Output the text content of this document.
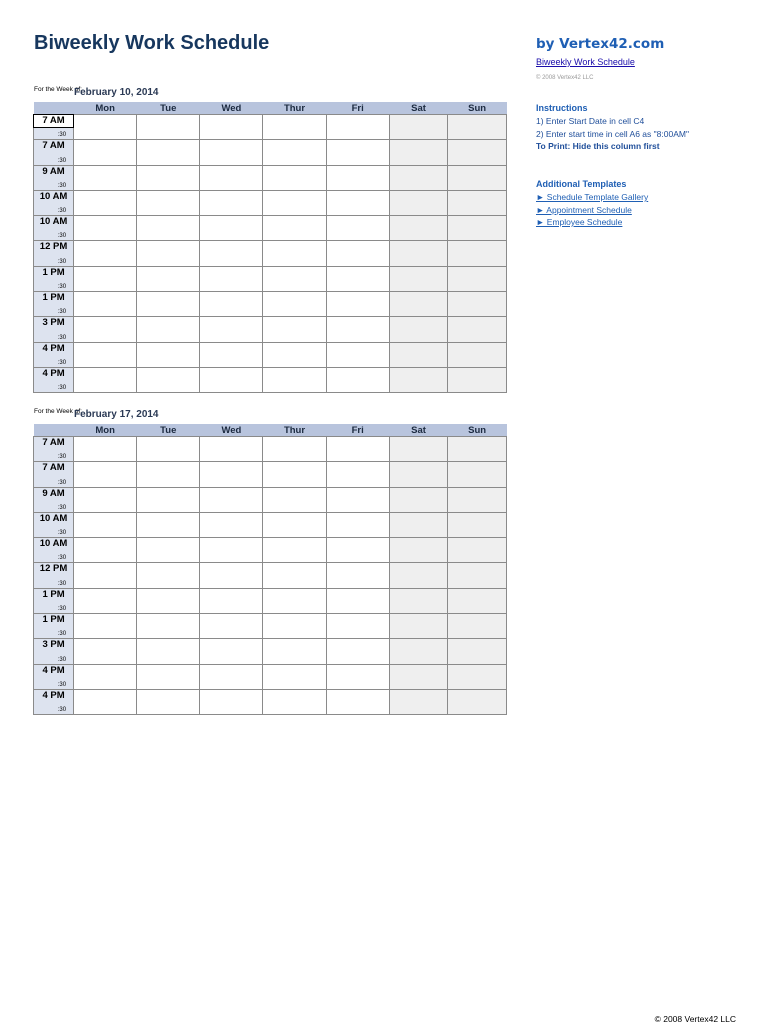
Biweekly Work Schedule	by Vertex42.com
Biweekly Work Schedule
© 2008 Vertex42 LLC
Instructions
1) Enter Start Date in cell C4
2) Enter start time in cell A6 as "8:00AM"
To Print: Hide this column first
Additional Templates
► Schedule Template Gallery
► Appointment Schedule
► Employee Schedule
For the Week of:
February 10, 2014
	Mon	Tue	Wed	Thur	Fri	Sat	Sun

7 AM
:30							

7 AM
:30							

9 AM
:30							

10 AM
:30							

10 AM
:30							

12 PM
:30							

1 PM
:30							

1 PM
:30							

3 PM
:30							

4 PM
:30							

4 PM
:30							

For the Week of:
February 17, 2014
	Mon	Tue	Wed	Thur	Fri	Sat	Sun

7 AM
:30							

7 AM
:30							

9 AM
:30							

10 AM
:30							

10 AM
:30							

12 PM
:30							

1 PM
:30							

1 PM
:30							

3 PM
:30							

4 PM
:30							

4 PM
:30							

© 2008 Vertex42 LLC
